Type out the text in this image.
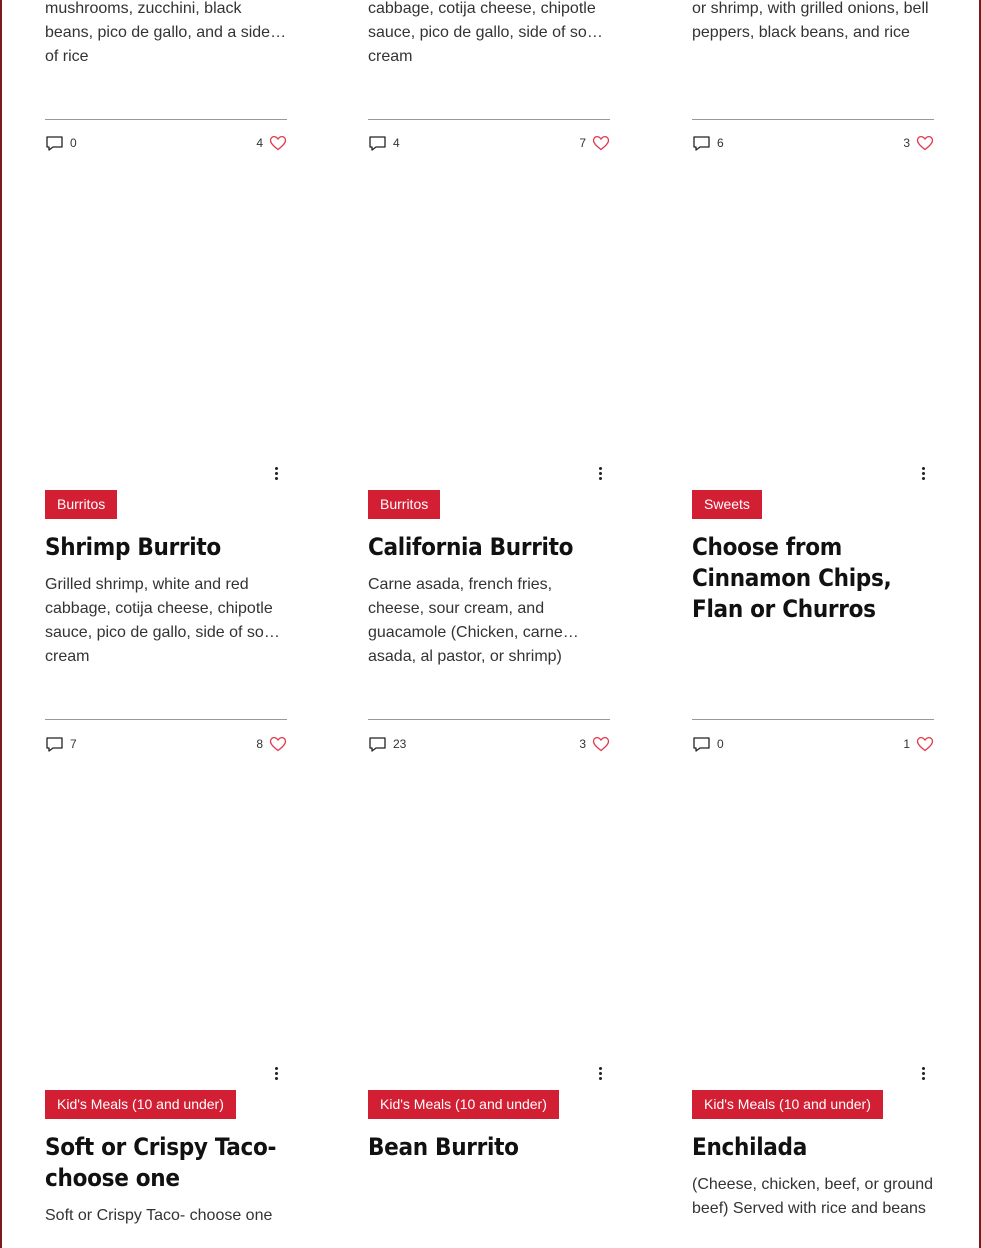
mushrooms, zucchini, black beans, pico de gallo, and a side of rice

cabbage, cotija cheese, chipotle sauce, pico de gallo, side of sour cream

or shrimp, with grilled onions, bell peppers, black beans, and rice

0	4	4	7	6	3
Burritos	Burritos	Sweets
Shrimp Burrito	California Burrito	Choose from Cinnamon Chips, Flan or Churros

Grilled shrimp, white and red cabbage, cotija cheese, chipotle sauce, pico de gallo, side of sour cream

Carne asada, french fries, cheese, sour cream, and guacamole (Chicken, carne asada, al pastor, or shrimp)

7	8	23	3	0	1
Kid's Meals (10 and under)	Kid's Meals (10 and under)	Kid's Meals (10 and under)
Soft or Crispy Taco- choose one
Bean Burrito	Enchilada

Soft or Crispy Taco- choose one

(Cheese, chicken, beef, or ground beef) Served with rice and beans
